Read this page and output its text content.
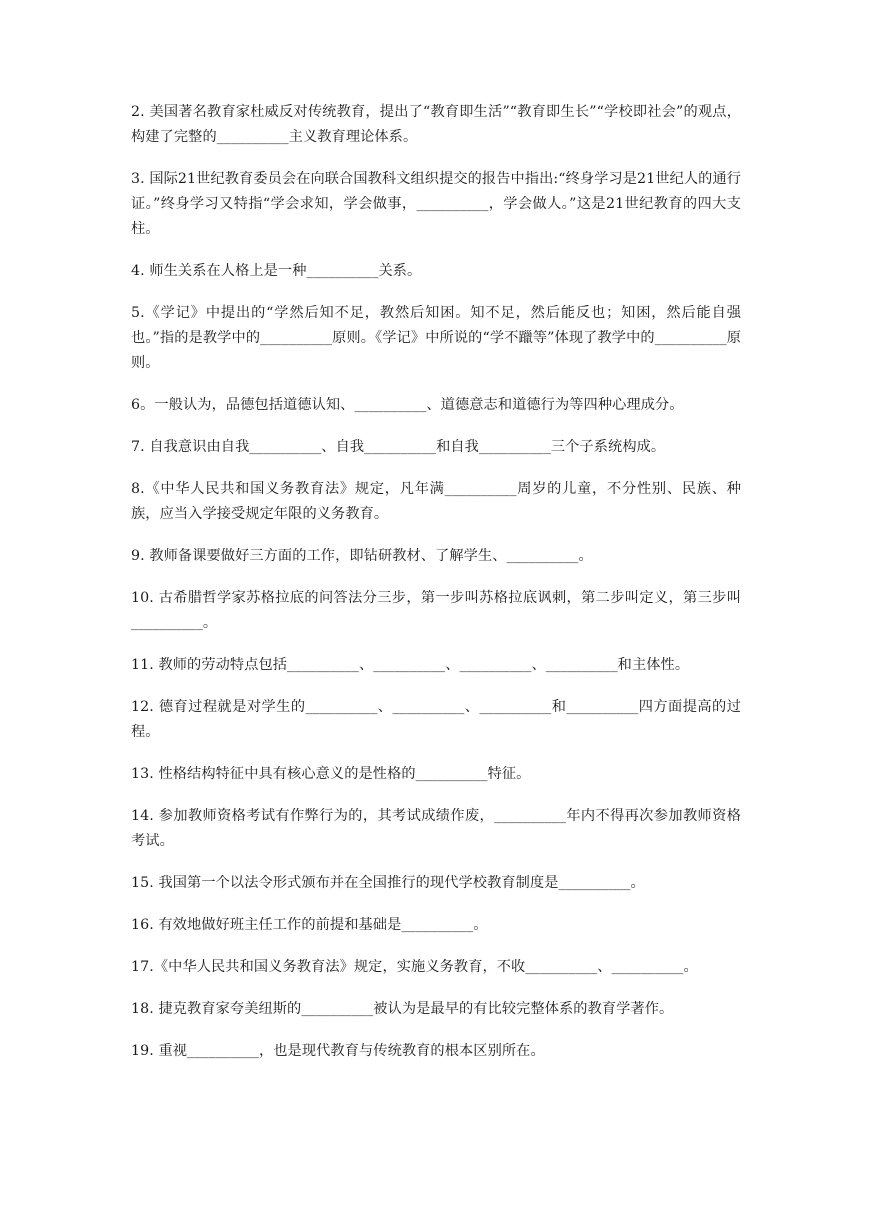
2. 美国著名教育家杜威反对传统教育，提出了“教育即生活”“教育即生长”“学校即社会”的观点，构建了完整的__________主义教育理论体系。

3. 国际21世纪教育委员会在向联合国教科文组织提交的报告中指出:“终身学习是21世纪人的通行证。”终身学习又特指“学会求知，学会做事，__________，学会做人。”这是21世纪教育的四大支柱。

4. 师生关系在人格上是一种__________关系。

5.《学记》中提出的“学然后知不足，教然后知困。知不足，然后能反也；知困，然后能自强也。”指的是教学中的__________原则。《学记》中所说的“学不躐等”体现了教学中的__________原则。

6。一般认为，品德包括道德认知、__________、道德意志和道德行为等四种心理成分。

7. 自我意识由自我__________、自我__________和自我__________三个子系统构成。

8.《中华人民共和国义务教育法》规定，凡年满__________周岁的儿童，不分性别、民族、种族，应当入学接受规定年限的义务教育。

9. 教师备课要做好三方面的工作，即钻研教材、了解学生、__________。

10. 古希腊哲学家苏格拉底的问答法分三步，第一步叫苏格拉底讽刺，第二步叫定义，第三步叫__________。

11. 教师的劳动特点包括__________、__________、__________、__________和主体性。

12. 德育过程就是对学生的__________、__________、__________和__________四方面提高的过程。

13. 性格结构特征中具有核心意义的是性格的__________特征。

14. 参加教师资格考试有作弊行为的，其考试成绩作废，__________年内不得再次参加教师资格考试。

15. 我国第一个以法令形式颁布并在全国推行的现代学校教育制度是__________。

16. 有效地做好班主任工作的前提和基础是__________。

17.《中华人民共和国义务教育法》规定，实施义务教育，不收__________、__________。

18. 捷克教育家夸美纽斯的__________被认为是最早的有比较完整体系的教育学著作。

19. 重视__________，也是现代教育与传统教育的根本区别所在。
